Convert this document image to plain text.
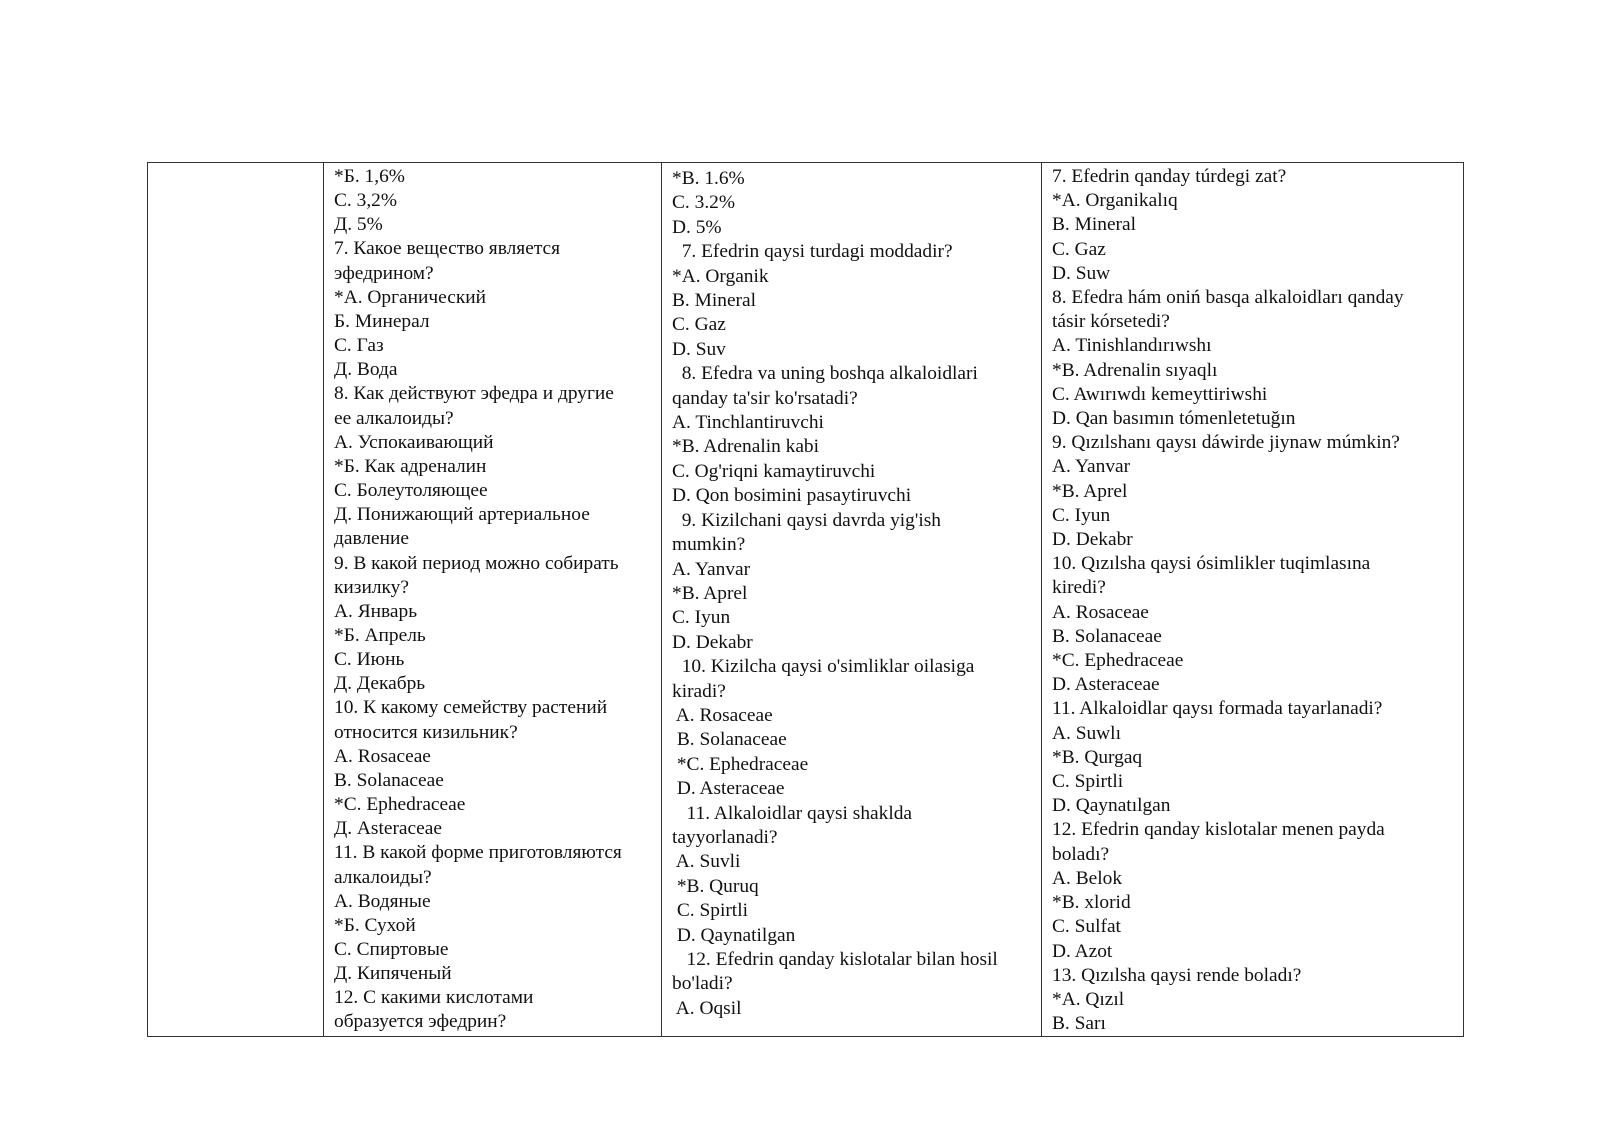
*Б. 1,6%
С. 3,2%
Д. 5%
7. Какое вещество является
эфедрином?
*А. Органический
Б. Минерал
С. Газ
Д. Вода
8. Как действуют эфедра и другие
ее алкалоиды?
А. Успокаивающий
*Б. Как адреналин
С. Болеутоляющее
Д. Понижающий артериальное
давление
9. В какой период можно собирать
кизилку?
А. Январь
*Б. Апрель
С. Июнь
Д. Декабрь
10. К какому семейству растений
относится кизильник?
А. Rosaceae
В. Solanaceae
*С. Ephedraceae
Д. Asteraceae
11. В какой форме приготовляются
алкалоиды?
А. Водяные
*Б. Сухой
С. Спиртовые
Д. Кипяченый
12. С какими кислотами
образуется эфедрин?

*B. 1.6%
C. 3.2%
D. 5%
7. Efedrin qaysi turdagi moddadir?
*A. Organik
B. Mineral
C. Gaz
D. Suv
8. Efedra va uning boshqa alkaloidlari
qanday ta'sir ko'rsatadi?
A. Tinchlantiruvchi
*B. Adrenalin kabi
C. Og'riqni kamaytiruvchi
D. Qon bosimini pasaytiruvchi
9. Kizilchani qaysi davrda yig'ish
mumkin?
A. Yanvar
*B. Aprel
C. Iyun
D. Dekabr
10. Kizilcha qaysi o'simliklar oilasiga
kiradi?
A. Rosaceae
B. Solanaceae
*C. Ephedraceae
D. Asteraceae
11. Alkaloidlar qaysi shaklda
tayyorlanadi?
A. Suvli
*B. Quruq
C. Spirtli
D. Qaynatilgan
12. Efedrin qanday kislotalar bilan hosil
bo'ladi?
A. Oqsil

7. Efedrin qanday túrdegi zat?
*A. Organikalıq
B. Mineral
C. Gaz
D. Suw
8. Efedra hám oniń basqa alkaloidları qanday
tásir kórsetedi?
A. Tinishlandırıwshı
*B. Adrenalin sıyaqlı
C. Awırıwdı kemeyttiriwshi
D. Qan basımın tómenletetuğın
9. Qızılshanı qaysı dáwirde jiynaw múmkin?
A. Yanvar
*B. Aprel
C. Iyun
D. Dekabr
10. Qızılsha qaysi ósimlikler tuqimlasına
kiredi?
A. Rosaceae
B. Solanaceae
*C. Ephedraceae
D. Asteraceae
11. Alkaloidlar qaysı formada tayarlanadi?
A. Suwlı
*B. Qurgaq
C. Spirtli
D. Qaynatılgan
12. Efedrin qanday kislotalar menen payda
boladı?
A. Belok
*B. xlorid
C. Sulfat
D. Azot
13. Qızılsha qaysi rende boladı?
*A. Qızıl
B. Sarı
